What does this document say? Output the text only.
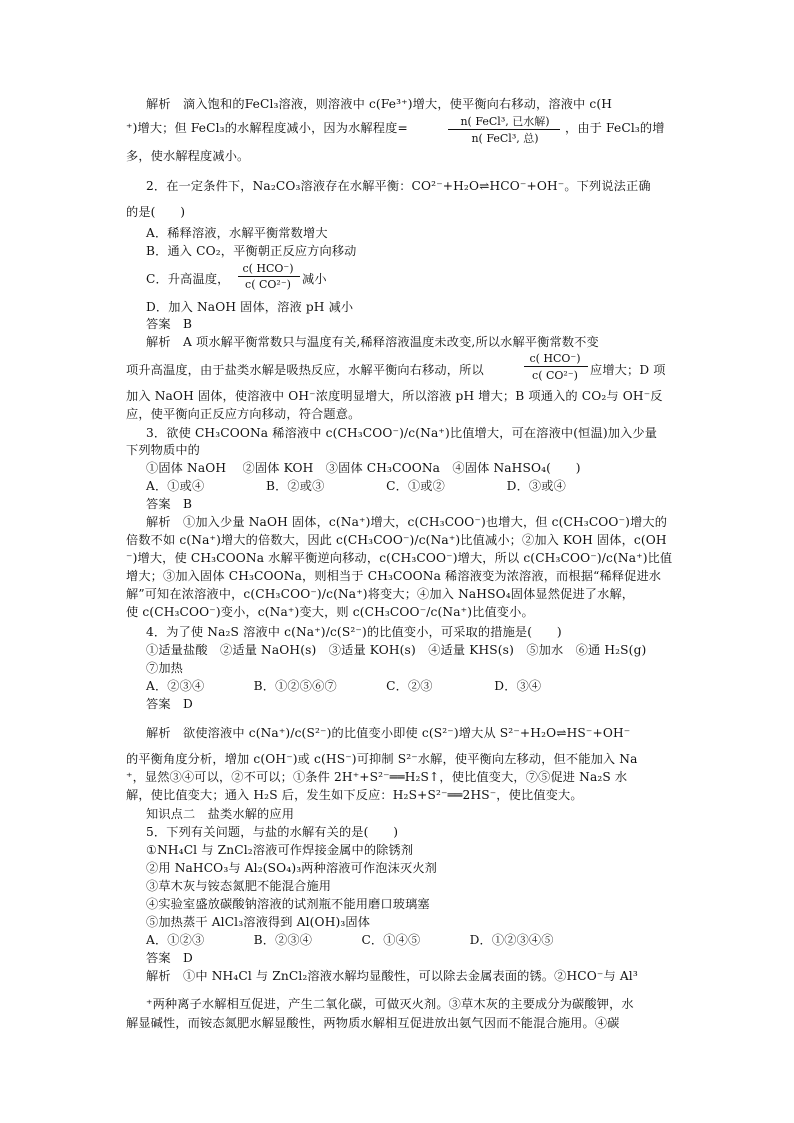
解析　滴入饱和的FeCl₃溶液，则溶液中 c(Fe³⁺)增大，使平衡向右移动，溶液中 c(H
⁺)增大；但 FeCl₃的水解程度减小，因为水解程度=	n( FeCl³, 已水解)
n( FeCl³, 总)
，由于 FeCl₃的增
多，使水解程度减小。
2．在一定条件下，Na₂CO₃溶液存在水解平衡：CO²⁻+H₂O⇌HCO⁻+OH⁻。下列说法正确
的是(　　)
A．稀释溶液，水解平衡常数增大
B．通入 CO₂，平衡朝正反应方向移动
C．升高温度，
c( HCO⁻)
c( CO²⁻) 减小
D．加入 NaOH 固体，溶液 pH 减小
答案　B
解析　A 项水解平衡常数只与温度有关,稀释溶液温度未改变,所以水解平衡常数不变
项升高温度，由于盐类水解是吸热反应，水解平衡向右移动，所以
c( HCO⁻)
c( CO²⁻) 应增大；D 项
加入 NaOH 固体，使溶液中 OH⁻浓度明显增大，所以溶液 pH 增大；B 项通入的 CO₂与 OH⁻反
应，使平衡向正反应方向移动，符合题意。
3．欲使 CH₃COONa 稀溶液中 c(CH₃COO⁻)/c(Na⁺)比值增大，可在溶液中(恒温)加入少量
下列物质中的
①固体 NaOH　 ②固体 KOH　③固体 CH₃COONa　④固体 NaHSO₄(　　)
A．①或④　　　　　B．②或③　　　　　C．①或②　　　　　D．③或④
答案　B
解析　①加入少量 NaOH 固体，c(Na⁺)增大，c(CH₃COO⁻)也增大，但 c(CH₃COO⁻)增大的
倍数不如 c(Na⁺)增大的倍数大，因此 c(CH₃COO⁻)/c(Na⁺)比值减小；②加入 KOH 固体，c(OH
⁻)增大，使 CH₃COONa 水解平衡逆向移动，c(CH₃COO⁻)增大，所以 c(CH₃COO⁻)/c(Na⁺)比值
增大；③加入固体 CH₃COONa，则相当于 CH₃COONa 稀溶液变为浓溶液，而根据“稀释促进水
解”可知在浓溶液中，c(CH₃COO⁻)/c(Na⁺)将变大；④加入 NaHSO₄固体显然促进了水解，
使 c(CH₃COO⁻)变小，c(Na⁺)变大，则 c(CH₃COO⁻/c(Na⁺)比值变小。
4．为了使 Na₂S 溶液中 c(Na⁺)/c(S²⁻)的比值变小，可采取的措施是(　　)
①适量盐酸　②适量 NaOH(s)　③适量 KOH(s)　④适量 KHS(s)　⑤加水　⑥通 H₂S(g)
⑦加热
A．②③④　　　　B．①②⑤⑥⑦　　　　C．②③　　　　　D．③④
答案　D
解析　欲使溶液中 c(Na⁺)/c(S²⁻)的比值变小即使 c(S²⁻)增大从 S²⁻+H₂O⇌HS⁻+OH⁻
的平衡角度分析，增加 c(OH⁻)或 c(HS⁻)可抑制 S²⁻水解，使平衡向左移动，但不能加入 Na
⁺，显然③④可以，②不可以；①条件 2H⁺+S²⁻══H₂S↑，使比值变大，⑦⑤促进 Na₂S 水
解，使比值变大；通入 H₂S 后，发生如下反应：H₂S+S²⁻══2HS⁻，使比值变大。
知识点二　盐类水解的应用
5．下列有关问题，与盐的水解有关的是(　　)
①NH₄Cl 与 ZnCl₂溶液可作焊接金属中的除锈剂
②用 NaHCO₃与 Al₂(SO₄)₃两种溶液可作泡沫灭火剂
③草木灰与铵态氮肥不能混合施用
④实验室盛放碳酸钠溶液的试剂瓶不能用磨口玻璃塞
⑤加热蒸干 AlCl₃溶液得到 Al(OH)₃固体
A．①②③　　　　B．②③④　　　　C．①④⑤　　　　D．①②③④⑤
答案　D
解析　①中 NH₄Cl 与 ZnCl₂溶液水解均显酸性，可以除去金属表面的锈。②HCO⁻与 Al³
⁺两种离子水解相互促进，产生二氧化碳，可做灭火剂。③草木灰的主要成分为碳酸钾，水
解显碱性，而铵态氮肥水解显酸性，两物质水解相互促进放出氨气因而不能混合施用。④碳
